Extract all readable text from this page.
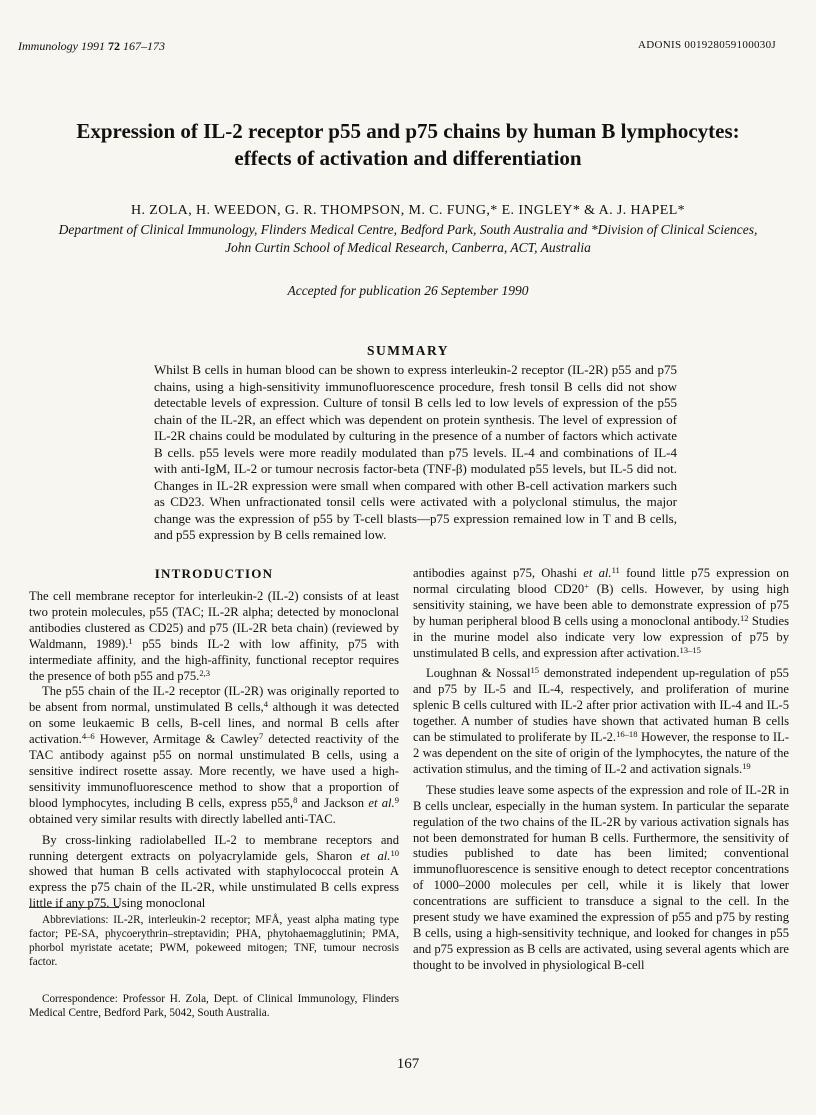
Immunology 1991 72 167–173	ADONIS 001928059100030J
Expression of IL-2 receptor p55 and p75 chains by human B lymphocytes:
effects of activation and differentiation
H. ZOLA, H. WEEDON, G. R. THOMPSON, M. C. FUNG,* E. INGLEY* & A. J. HAPEL*
Department of Clinical Immunology, Flinders Medical Centre, Bedford Park, South Australia and *Division of Clinical Sciences,
John Curtin School of Medical Research, Canberra, ACT, Australia
Accepted for publication 26 September 1990
SUMMARY

Whilst B cells in human blood can be shown to express interleukin-2 receptor (IL-2R) p55 and p75 chains, using a high-sensitivity immunofluorescence procedure, fresh tonsil B cells did not show detectable levels of expression. Culture of tonsil B cells led to low levels of expression of the p55 chain of the IL-2R, an effect which was dependent on protein synthesis. The level of expression of IL-2R chains could be modulated by culturing in the presence of a number of factors which activate B cells. p55 levels were more readily modulated than p75 levels. IL-4 and combinations of IL-4 with anti-IgM, IL-2 or tumour necrosis factor-beta (TNF-β) modulated p55 levels, but IL-5 did not. Changes in IL-2R expression were small when compared with other B-cell activation markers such as CD23. When unfractionated tonsil cells were activated with a polyclonal stimulus, the major change was the expression of p55 by T-cell blasts—p75 expression remained low in T and B cells, and p55 expression by B cells remained low.

INTRODUCTION

The cell membrane receptor for interleukin-2 (IL-2) consists of at least two protein molecules, p55 (TAC; IL-2R alpha; detected by monoclonal antibodies clustered as CD25) and p75 (IL-2R beta chain) (reviewed by Waldmann, 1989).$^1$ p55 binds IL-2 with low affinity, p75 with intermediate affinity, and the high-affinity, functional receptor requires the presence of both p55 and p75.$^{2,3}$

The p55 chain of the IL-2 receptor (IL-2R) was originally reported to be absent from normal, unstimulated B cells,$^4$ although it was detected on some leukaemic B cells, B-cell lines, and normal B cells after activation.$^{4-6}$ However, Armitage & Cawley$^7$ detected reactivity of the TAC antibody against p55 on normal unstimulated B cells, using a sensitive indirect rosette assay. More recently, we have used a high-sensitivity immunofluorescence method to show that a proportion of blood lymphocytes, including B cells, express p55,$^8$ and Jackson et al.$^9$ obtained very similar results with directly labelled anti-TAC.

By cross-linking radiolabelled IL-2 to membrane receptors and running detergent extracts on polyacrylamide gels, Sharon et al.$^{10}$ showed that human B cells activated with staphylococcal protein A express the p75 chain of the IL-2R, while unstimulated B cells express little if any p75. Using monoclonal

Abbreviations: IL-2R, interleukin-2 receptor; MFÅ, yeast alpha mating type factor; PE-SA, phycoerythrin–streptavidin; PHA, phytohaemagglutinin; PMA, phorbol myristate acetate; PWM, pokeweed mitogen; TNF, tumour necrosis factor.

Correspondence: Professor H. Zola, Dept. of Clinical Immunology, Flinders Medical Centre, Bedford Park, 5042, South Australia.

antibodies against p75, Ohashi et al.$^{11}$ found little p75 expression on normal circulating blood CD20+ (B) cells. However, by using high sensitivity staining, we have been able to demonstrate expression of p75 by human peripheral blood B cells using a monoclonal antibody.$^{12}$ Studies in the murine model also indicate very low expression of p75 by unstimulated B cells, and expression after activation.$^{13-15}$

Loughnan & Nossal$^{15}$ demonstrated independent up-regulation of p55 and p75 by IL-5 and IL-4, respectively, and proliferation of murine splenic B cells cultured with IL-2 after prior activation with IL-4 and IL-5 together. A number of studies have shown that activated human B cells can be stimulated to proliferate by IL-2.$^{16-18}$ However, the response to IL-2 was dependent on the site of origin of the lymphocytes, the nature of the activation stimulus, and the timing of IL-2 and activation signals.$^{19}$

These studies leave some aspects of the expression and role of IL-2R in B cells unclear, especially in the human system. In particular the separate regulation of the two chains of the IL-2R by various activation signals has not been demonstrated for human B cells. Furthermore, the sensitivity of studies published to date has been limited; conventional immunofluorescence is sensitive enough to detect receptor concentrations of 1000–2000 molecules per cell, while it is likely that lower concentrations are sufficient to transduce a signal to the cell. In the present study we have examined the expression of p55 and p75 by resting B cells, using a high-sensitivity technique, and looked for changes in p55 and p75 expression as B cells are activated, using several agents which are thought to be involved in physiological B-cell

167
